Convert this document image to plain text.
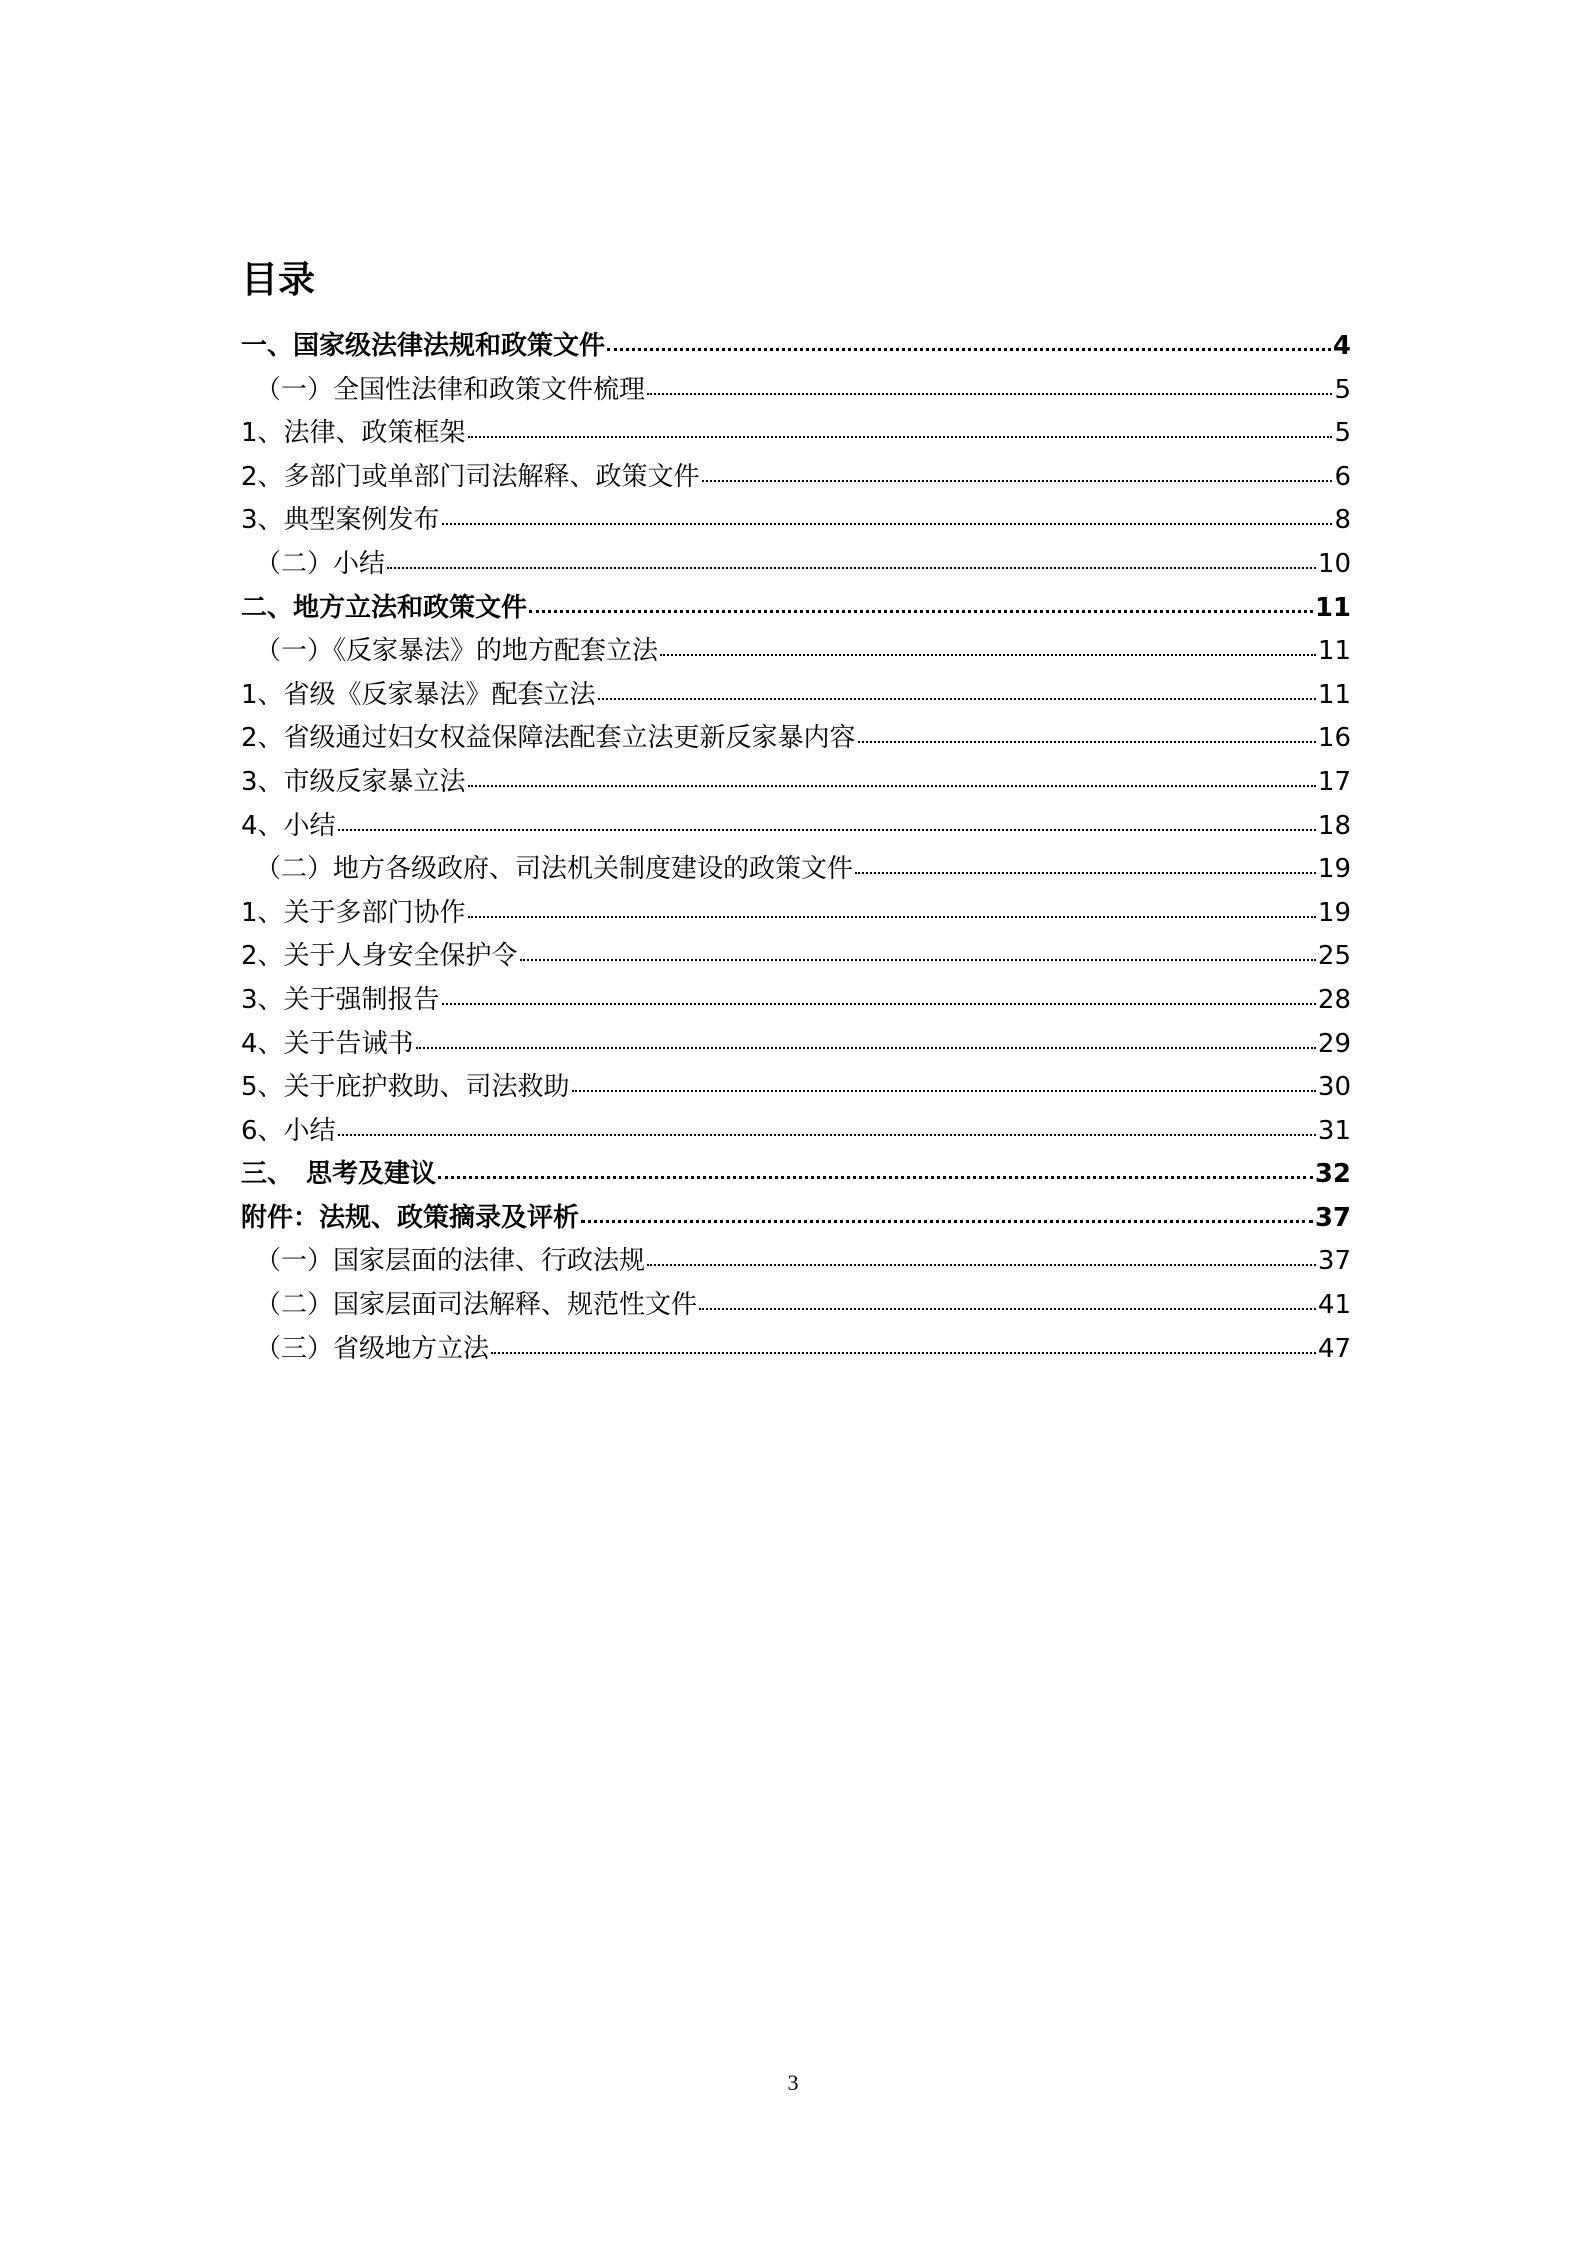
目录
一、国家级法律法规和政策文件	4
（一）全国性法律和政策文件梳理	5
1、法律、政策框架	5
2、多部门或单部门司法解释、政策文件	6
3、典型案例发布	8
（二）小结	10
二、地方立法和政策文件	11
（一）《反家暴法》的地方配套立法	11
1、省级《反家暴法》配套立法	11
2、省级通过妇女权益保障法配套立法更新反家暴内容	16
3、市级反家暴立法	17
4、小结	18
（二）地方各级政府、司法机关制度建设的政策文件	19
1、关于多部门协作	19
2、关于人身安全保护令	25
3、关于强制报告	28
4、关于告诫书	29
5、关于庇护救助、司法救助	30
6、小结	31
三、　思考及建议	32
附件：法规、政策摘录及评析	37
（一）国家层面的法律、行政法规	37
（二）国家层面司法解释、规范性文件	41
（三）省级地方立法	47
3
